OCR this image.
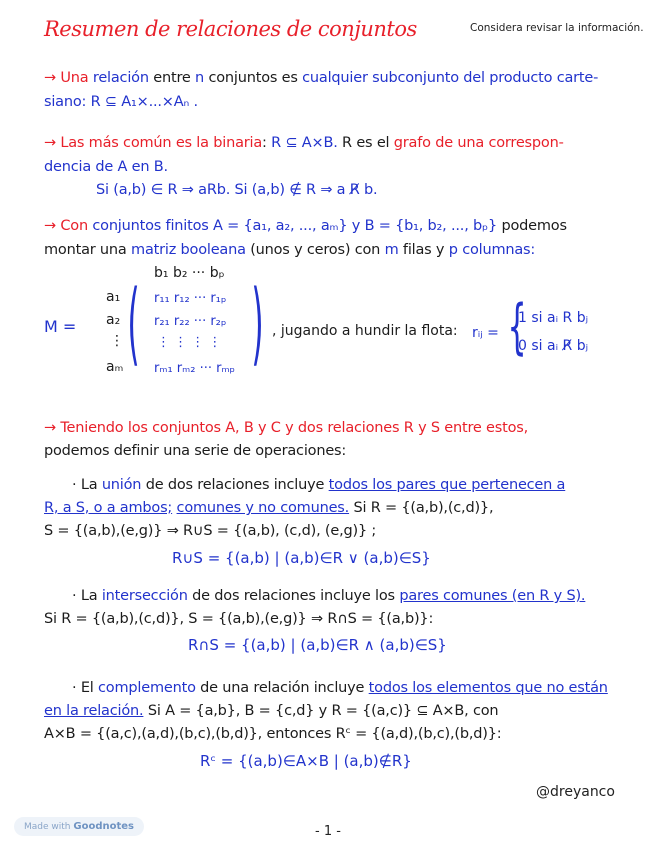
Resumen de relaciones de conjuntos	Considera revisar la información.
→ Una relación entre n conjuntos es cualquier subconjunto del producto carte-
siano: R ⊆ A₁×...×Aₙ .
→ Las más común es la binaria: R ⊆ A×B. R es el grafo de una correspon-
dencia de A en B.
Si (a,b) ∈ R ⇒ aRb. Si (a,b) ∉ R ⇒ a R̸ b.
→ Con conjuntos finitos A = {a₁, a₂, ..., aₘ} y B = {b₁, b₂, ..., bₚ} podemos
montar una matriz booleana (unos y ceros) con m filas y p columnas:
M =
b₁ b₂ ··· bₚ
a₁
a₂
⋮
aₘ ( r₁₁ r₁₂ ··· r₁ₚ
r₂₁ r₂₂ ··· r₂ₚ
⋮ ⋮ ⋮ ⋮
rₘ₁ rₘ₂ ··· rₘₚ ) , jugando a hundir la flota: rᵢⱼ = {
1 si aᵢ R bⱼ
0 si aᵢ R̸ bⱼ
→ Teniendo los conjuntos A, B y C y dos relaciones R y S entre estos,
podemos definir una serie de operaciones:
· La unión de dos relaciones incluye todos los pares que pertenecen a
R, a S, o a ambos; comunes y no comunes. Si R = {(a,b),(c,d)},
S = {(a,b),(e,g)} ⇒ R∪S = {(a,b), (c,d), (e,g)} ;
R∪S = {(a,b) | (a,b)∈R ∨ (a,b)∈S}
· La intersección de dos relaciones incluye los pares comunes (en R y S).
Si R = {(a,b),(c,d)}, S = {(a,b),(e,g)} ⇒ R∩S = {(a,b)}:
R∩S = {(a,b) | (a,b)∈R ∧ (a,b)∈S}
· El complemento de una relación incluye todos los elementos que no están
en la relación. Si A = {a,b}, B = {c,d} y R = {(a,c)} ⊆ A×B, con
A×B = {(a,c),(a,d),(b,c),(b,d)}, entonces Rᶜ = {(a,d),(b,c),(b,d)}:
Rᶜ = {(a,b)∈A×B | (a,b)∉R}
@dreyanco
Made with Goodnotes	- 1 -
